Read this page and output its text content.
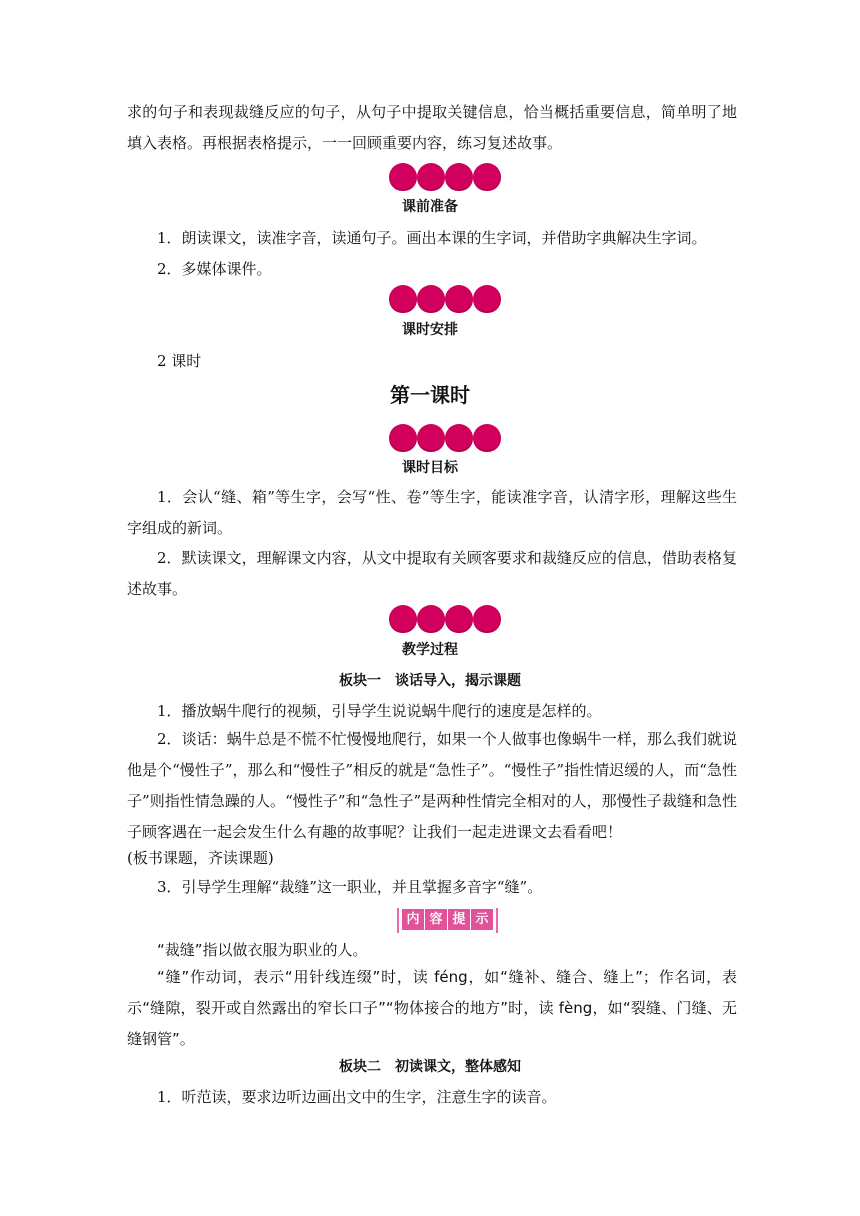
求的句子和表现裁缝反应的句子，从句子中提取关键信息，恰当概括重要信息，简单明了地填入表格。再根据表格提示，一一回顾重要内容，练习复述故事。

课前准备

1．朗读课文，读准字音，读通句子。画出本课的生字词，并借助字典解决生字词。

2．多媒体课件。

课时安排

2 课时

第一课时

课时目标

1．会认“缝、箱”等生字，会写“性、卷”等生字，能读准字音，认清字形，理解这些生字组成的新词。

2．默读课文，理解课文内容，从文中提取有关顾客要求和裁缝反应的信息，借助表格复述故事。

教学过程

板块一　谈话导入，揭示课题

1．播放蜗牛爬行的视频，引导学生说说蜗牛爬行的速度是怎样的。

2．谈话：蜗牛总是不慌不忙慢慢地爬行，如果一个人做事也像蜗牛一样，那么我们就说他是个“慢性子”，那么和“慢性子”相反的就是“急性子”。“慢性子”指性情迟缓的人，而“急性子”则指性情急躁的人。“慢性子”和“急性子”是两种性情完全相对的人，那慢性子裁缝和急性子顾客遇在一起会发生什么有趣的故事呢？让我们一起走进课文去看看吧！

(板书课题，齐读课题)

3．引导学生理解“裁缝”这一职业，并且掌握多音字“缝”。

内 容 提 示

“裁缝”指以做衣服为职业的人。

“缝”作动词，表示“用针线连缀”时，读 féng，如“缝补、缝合、缝上”；作名词，表示“缝隙，裂开或自然露出的窄长口子”“物体接合的地方”时，读 fèng，如“裂缝、门缝、无缝钢管”。

板块二　初读课文，整体感知

1．听范读，要求边听边画出文中的生字，注意生字的读音。
